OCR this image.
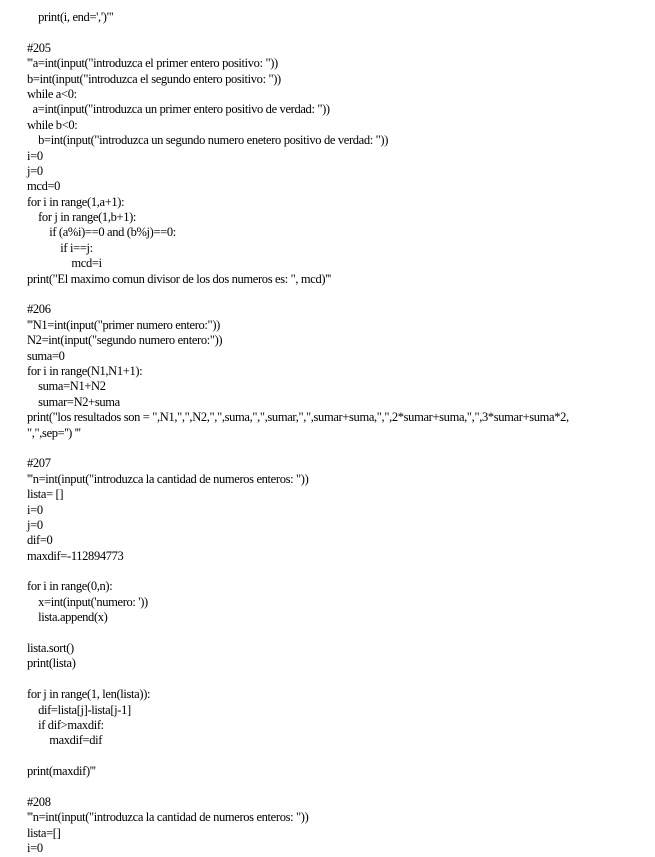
print(i, end=',')"'
#205
'''a=int(input("introduzca el primer entero positivo: "))
b=int(input("introduzca el segundo entero positivo: "))
while a<0:
a=int(input("introduzca un primer entero positivo de verdad: "))
while b<0:
b=int(input("introduzca un segundo numero enetero positivo de verdad: "))
i=0
j=0
mcd=0
for i in range(1,a+1):
for j in range(1,b+1):
if (a%i)==0 and (b%j)==0:
if i==j:
mcd=i
print("El maximo comun divisor de los dos numeros es: ", mcd)'''
#206
'''N1=int(input("primer numero entero:"))
N2=int(input("segundo numero entero:"))
suma=0
for i in range(N1,N1+1):
suma=N1+N2
sumar=N2+suma
print("los resultados son = ",N1,",",N2,",",suma,",",sumar,",",sumar+suma,",",2*sumar+suma,",",3*sumar+suma*2,
",",sep='') '''
#207
'''n=int(input("introduzca la cantidad de numeros enteros: "))
lista= []
i=0
j=0
dif=0
maxdif=-112894773
for i in range(0,n):
x=int(input('numero: '))
lista.append(x)
lista.sort()
print(lista)
for j in range(1, len(lista)):
dif=lista[j]-lista[j-1]
if dif>maxdif:
maxdif=dif
print(maxdif)'''
#208
'''n=int(input("introduzca la cantidad de numeros enteros: "))
lista=[]
i=0
